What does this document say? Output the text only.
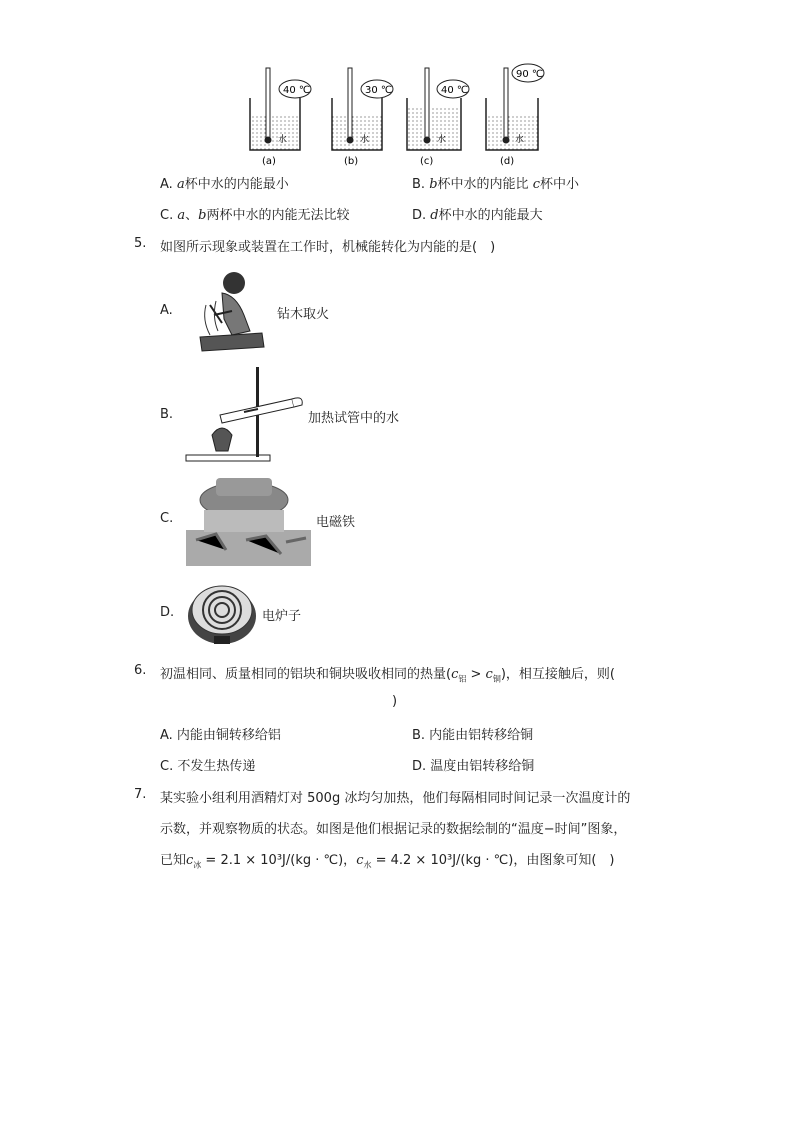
40 ℃
水
(a)
30 ℃
水
(b)
40 ℃
水
(c)
90 ℃
水
(d)
A. a杯中水的内能最小	B. b杯中水的内能比 c杯中小
C. a、b两杯中水的内能无法比较	D. d杯中水的内能最大
5. 如图所示现象或装置在工作时，机械能转化为内能的是(　)
A.	钻木取火
B.	加热试管中的水
C.	电磁铁
D.	电炉子
6. 初温相同、质量相同的铝块和铜块吸收相同的热量$(c_铝 > c_铜)$，相互接触后，则(
)
A. 内能由铜转移给铝	B. 内能由铝转移给铜
C. 不发生热传递	D. 温度由铝转移给铜
7. 某实验小组利用酒精灯对 500g 冰均匀加热，他们每隔相同时间记录一次温度计的
示数，并观察物质的状态。如图是他们根据记录的数据绘制的“温度−时间”图象，
已知$c_冰 = 2.1 \times 10^3J/(kg$ · ℃)，$c_水 = 4.2 \times 10^3J/(kg$ · ℃)，由图象可知(　)
